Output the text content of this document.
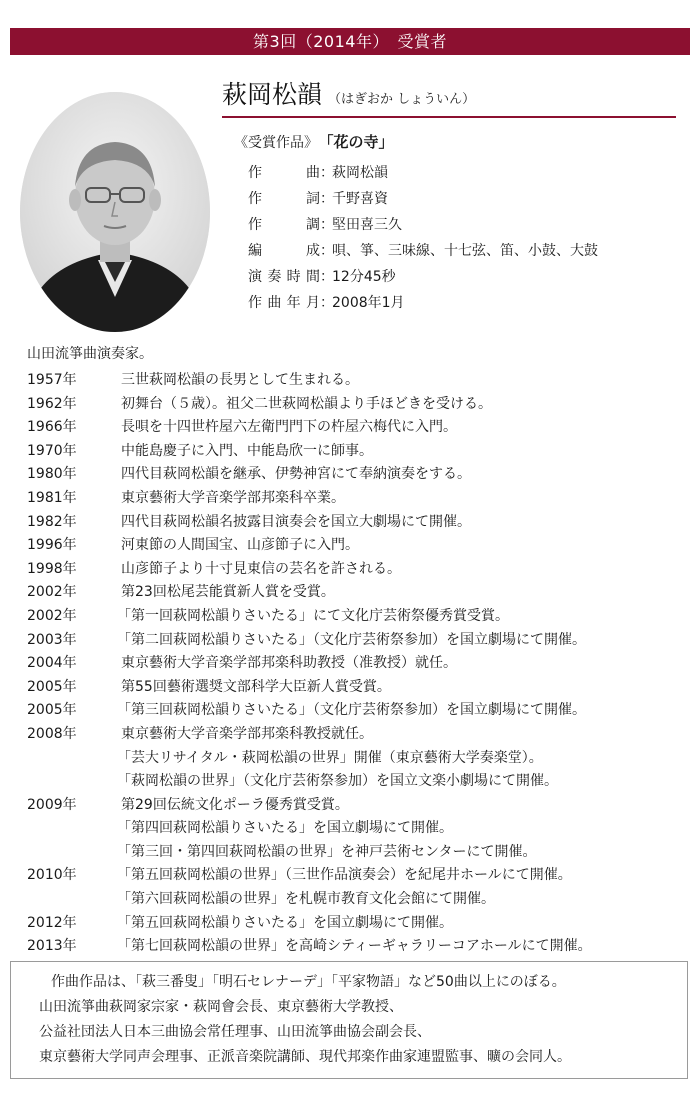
第3回（2014年）　受賞者
萩岡松韻 （はぎおか しょういん）
《受賞作品》 「花の寺」
作曲：萩岡松韻
作詞：千野喜資
作調：堅田喜三久
編成：唄、箏、三味線、十七弦、笛、小鼓、大鼓
演奏時間：12分45秒
作曲年月：2008年1月
山田流箏曲演奏家。
1957年	三世萩岡松韻の長男として生まれる。
1962年	初舞台（５歳）。祖父二世萩岡松韻より手ほどきを受ける。
1966年	長唄を十四世杵屋六左衛門門下の杵屋六梅代に入門。
1970年	中能島慶子に入門、中能島欣一に師事。
1980年	四代目萩岡松韻を継承、伊勢神宮にて奉納演奏をする。
1981年	東京藝術大学音楽学部邦楽科卒業。
1982年	四代目萩岡松韻名披露目演奏会を国立大劇場にて開催。
1996年	河東節の人間国宝、山彦節子に入門。
1998年	山彦節子より十寸見東信の芸名を許される。
2002年	第23回松尾芸能賞新人賞を受賞。
2002年	「第一回萩岡松韻りさいたる」にて文化庁芸術祭優秀賞受賞。
2003年	「第二回萩岡松韻りさいたる」（文化庁芸術祭参加）を国立劇場にて開催。
2004年	東京藝術大学音楽学部邦楽科助教授（准教授）就任。
2005年	第55回藝術選奨文部科学大臣新人賞受賞。
2005年	「第三回萩岡松韻りさいたる」（文化庁芸術祭参加）を国立劇場にて開催。
2008年	東京藝術大学音楽学部邦楽科教授就任。
「芸大リサイタル・萩岡松韻の世界」開催（東京藝術大学奏楽堂）。
「萩岡松韻の世界」（文化庁芸術祭参加）を国立文楽小劇場にて開催。
2009年	第29回伝統文化ポーラ優秀賞受賞。
「第四回萩岡松韻りさいたる」を国立劇場にて開催。
「第三回・第四回萩岡松韻の世界」を神戸芸術センターにて開催。
2010年	「第五回萩岡松韻の世界」（三世作品演奏会）を紀尾井ホールにて開催。
「第六回萩岡松韻の世界」を札幌市教育文化会館にて開催。
2012年	「第五回萩岡松韻りさいたる」を国立劇場にて開催。
2013年	「第七回萩岡松韻の世界」を高崎シティーギャラリーコアホールにて開催。
作曲作品は、「萩三番叟」「明石セレナーデ」「平家物語」など50曲以上にのぼる。
山田流箏曲萩岡家宗家・萩岡會会長、東京藝術大学教授、
公益社団法人日本三曲協会常任理事、山田流箏曲協会副会長、
東京藝術大学同声会理事、正派音楽院講師、現代邦楽作曲家連盟監事、曠の会同人。
